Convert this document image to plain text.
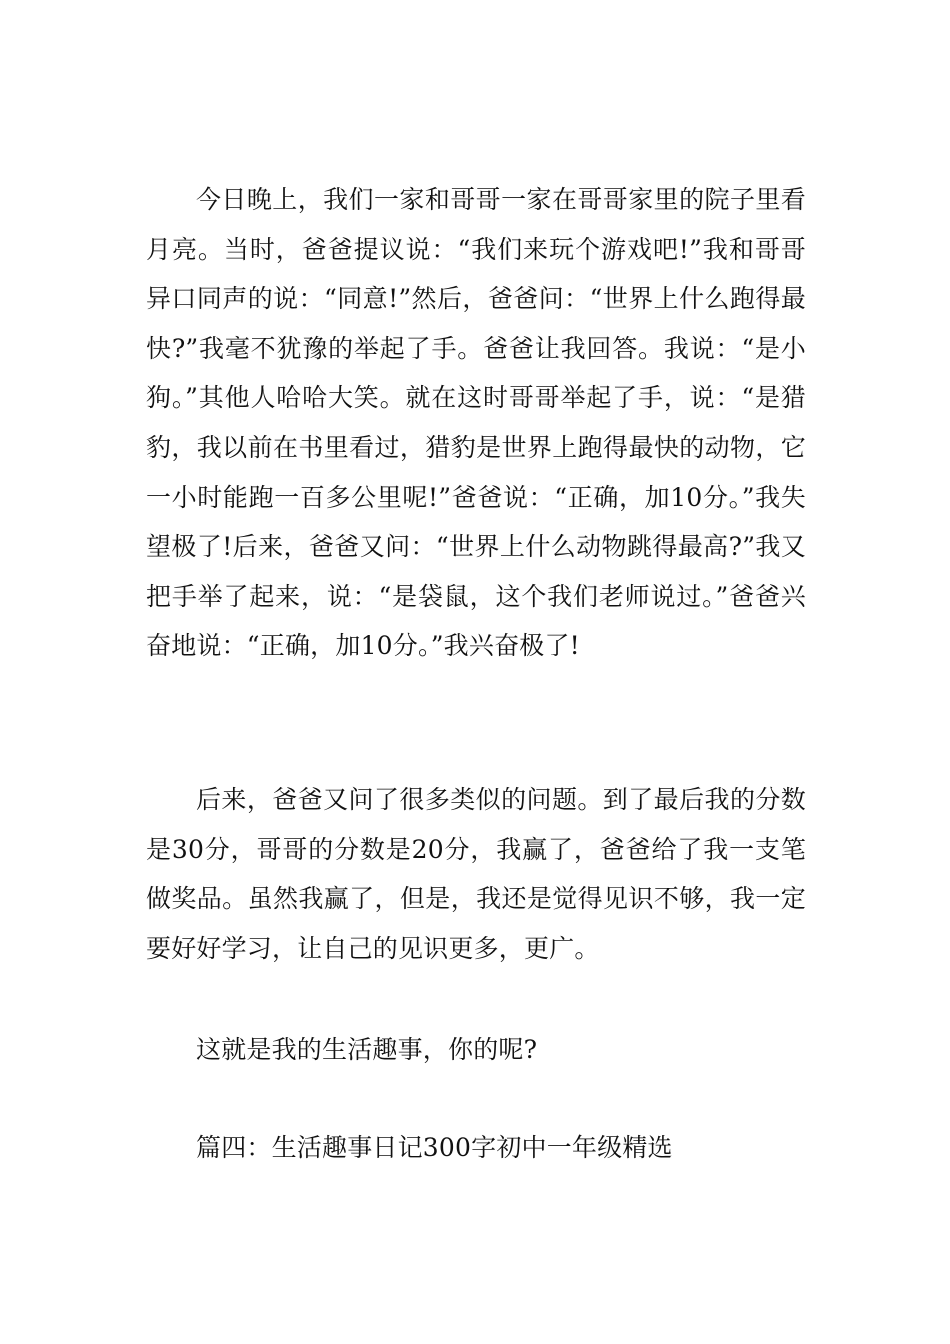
今日晚上，我们一家和哥哥一家在哥哥家里的院子里看月亮。当时，爸爸提议说：“我们来玩个游戏吧!”我和哥哥异口同声的说：“同意!”然后，爸爸问：“世界上什么跑得最快?”我毫不犹豫的举起了手。爸爸让我回答。我说：“是小狗。”其他人哈哈大笑。就在这时哥哥举起了手，说：“是猎豹，我以前在书里看过，猎豹是世界上跑得最快的动物，它一小时能跑一百多公里呢!”爸爸说：“正确，加10分。”我失望极了!后来，爸爸又问：“世界上什么动物跳得最高?”我又把手举了起来，说：“是袋鼠，这个我们老师说过。”爸爸兴奋地说：“正确，加10分。”我兴奋极了!

后来，爸爸又问了很多类似的问题。到了最后我的分数是30分，哥哥的分数是20分，我赢了，爸爸给了我一支笔做奖品。虽然我赢了，但是，我还是觉得见识不够，我一定要好好学习，让自己的见识更多，更广。

这就是我的生活趣事，你的呢?

篇四：生活趣事日记300字初中一年级精选
